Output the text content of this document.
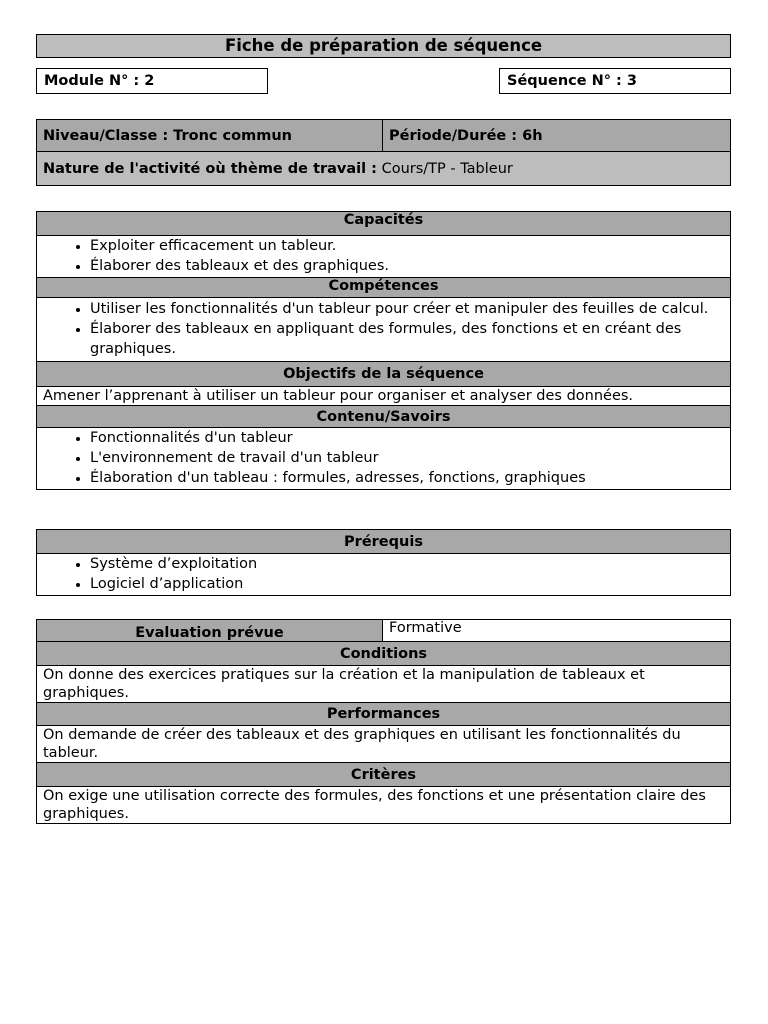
Fiche de préparation de séquence
Module N° : 2	Séquence N° : 3
Niveau/Classe : Tronc commun	Période/Durée : 6h
Nature de l'activité où thème de travail : Cours/TP - Tableur
Capacités

• Exploiter efficacement un tableur.
• Élaborer des tableaux et des graphiques.

Compétences

• Utiliser les fonctionnalités d'un tableur pour créer et manipuler des feuilles de calcul.
• Élaborer des tableaux en appliquant des formules, des fonctions et en créant des graphiques.

Objectifs de la séquence
Amener l’apprenant à utiliser un tableur pour organiser et analyser des données.
Contenu/Savoirs

• Fonctionnalités d'un tableur
• L'environnement de travail d'un tableur
• Élaboration d'un tableau : formules, adresses, fonctions, graphiques
Prérequis

• Système d’exploitation
• Logiciel d’application
Evaluation prévue	Formative
Conditions
On donne des exercices pratiques sur la création et la manipulation de tableaux et graphiques.
Performances
On demande de créer des tableaux et des graphiques en utilisant les fonctionnalités du tableur.
Critères
On exige une utilisation correcte des formules, des fonctions et une présentation claire des graphiques.
